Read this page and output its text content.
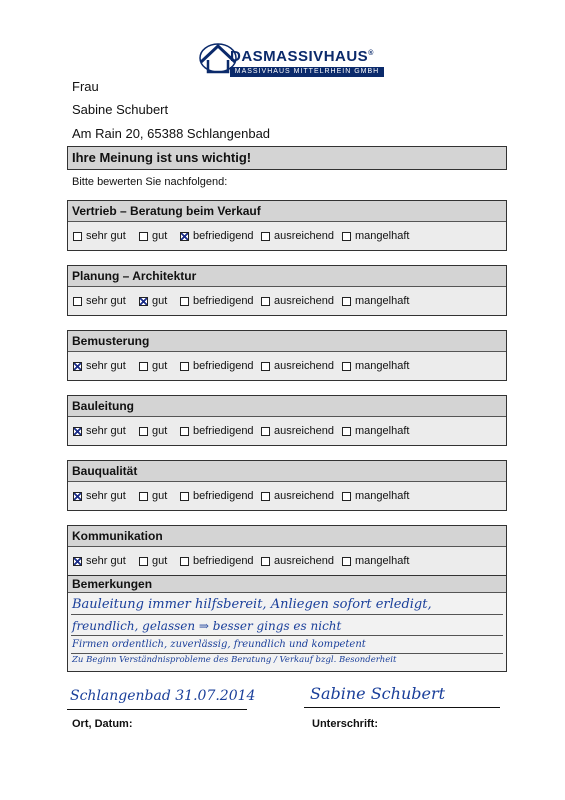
DASMASSIVHAUS®
MASSIVHAUS MITTELRHEIN GMBH
Frau
Sabine Schubert
Am Rain 20, 65388 Schlangenbad
Ihre Meinung ist uns wichtig!
Bitte bewerten Sie nachfolgend:
Vertrieb – Beratung beim Verkauf
sehr gut gut befriedigend ausreichend mangelhaft
Planung – Architektur
sehr gut gut befriedigend ausreichend mangelhaft
Bemusterung
sehr gut gut befriedigend ausreichend mangelhaft
Bauleitung
sehr gut gut befriedigend ausreichend mangelhaft
Bauqualität
sehr gut gut befriedigend ausreichend mangelhaft
Kommunikation
sehr gut gut befriedigend ausreichend mangelhaft
Bemerkungen
Bauleitung immer hilfsbereit, Anliegen sofort erledigt,
freundlich, gelassen ⇒ besser gings es nicht
Firmen ordentlich, zuverlässig, freundlich und kompetent
Zu Beginn Verständnisprobleme des Beratung / Verkauf bzgl. Besonderheit
Schlangenbad 31.07.2014
Ort, Datum:
Sabine Schubert
Unterschrift:
